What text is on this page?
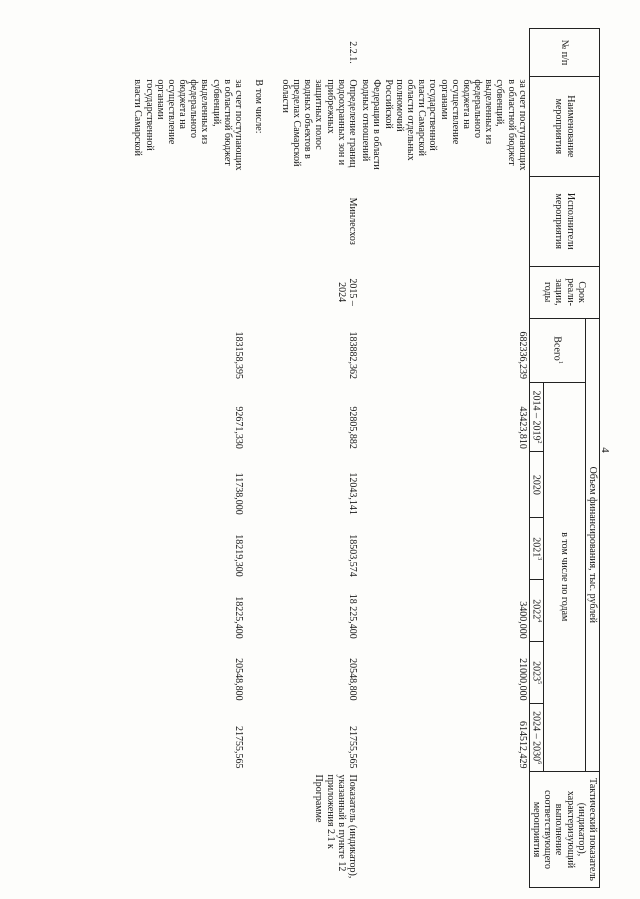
4
№ п/п	Наименование мероприятия	Исполнители мероприятия	Срок реали-зации, годы	Объем финансирования, тыс. рублей							Тактический показатель (индикатор), характеризующий выполнение соответствующего мероприятия
				Всего$^1$	в том числе по годам						
					2014 – 2019$^2$	2020	2021$^3$	2022$^4$	2023$^5$	2024 – 2030$^6$
	за счет поступающих в областной бюджет субвенций, выделенных из федерального бюджета на осуществление органами государственной власти Самарской области отдельных полномочий Российской Федерации в области водных отношений			682336,239	43423,810			3400,000	21000,000	614512,429	
2.2.1.	Определение границ водоохранных зон и прибрежных защитных полос водных объектов в пределах Самарской области	Минлесхоз	2015 – 2024	183882,362	92805,882	12043,141	18503,574	18 225,400	20548,800	21755,565	Показатель (индикатор), указанный в пункте 12 приложения 2.1 к Программе
	В том числе:										
	за счет поступающих в областной бюджет субвенций, выделенных из федерального бюджета на осуществление органами государственной власти Самарской			183158,395	92671,330	11738,000	18219,300	18225,400	20548,800	21755,565	
